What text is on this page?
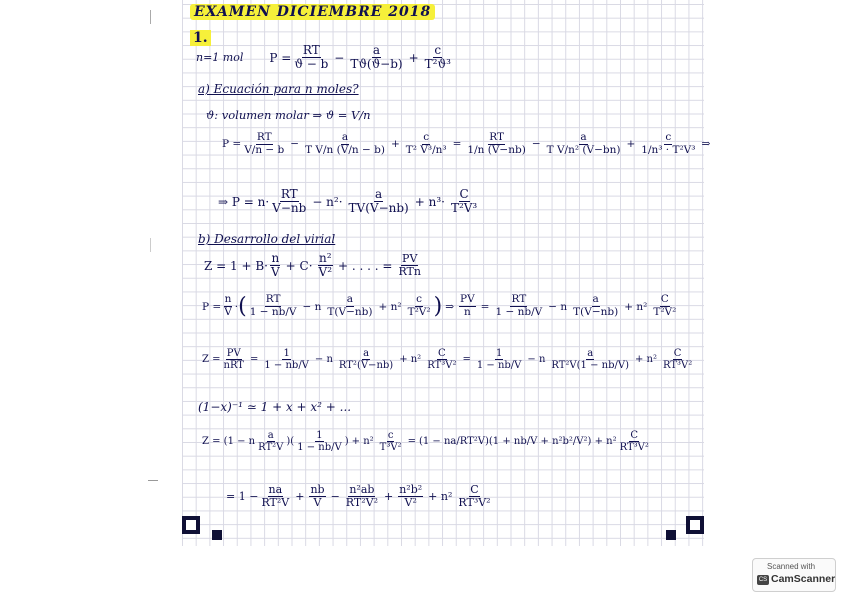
EXAMEN DICIEMBRE 2018
1.
n=1 mol $P = \frac{RT}{ϑ - b} - \frac{a}{Tϑ(ϑ-b)} + \frac{c}{\text{T²ϑ³}}$
a) Ecuación para n moles?
ϑ: volumen molar ⇒ ϑ = V/n
$P = \frac{RT}{V/n - b} - \frac{a}{\text{T V/n (V/n − b)}} + \frac{c}{\text{T² V³/n³}} = \frac{RT}{1/n (V-nb)} - \frac{a}{\text{T V/n² (V−bn)}} + \frac{c}{\text{1/n³ · T²V³}}$ ⇒
⇒ $P = n\cdot \frac{RT}{V-nb} - n^2\cdot \frac{a}{TV(V-nb)} + n^3\cdot \frac{C}{\text{T²V³}}$
b) Desarrollo del virial
$Z = 1 + B\cdot \frac{n}{V} + C\cdot \frac{\text{n²}}{\text{V²}}$ + . . . . = $\frac{PV}{\text{RTn}}$
$P = \frac{n}{V}$ · ( $\frac{RT}{1 - nb/V} - n \frac{a}{T(V-nb)} + n^2 \frac{c}{\text{T²V²}}$ ) ⇒ $\frac{PV}{n} = \frac{RT}{1 - nb/V} - n \frac{a}{T(V-nb)} + n^2 \frac{C}{\text{T²V²}}$
$Z = \frac{PV}{\text{nRT}} = \frac{1}{1 - nb/V} - n \frac{a}{\text{RT²(V−nb)}} + n^2 \frac{C}{\text{RT³V²}} = \frac{1}{1 - nb/V} - n \frac{a}{\text{RT²V(1 − nb/V)}} + n^2 \frac{C}{\text{RT³V²}}$
(1−x)⁻¹ ≃ 1 + x + x² + ...
Z = (1 − n $\frac{a}{\text{RT²V}}$ )( $\frac{1}{1 - nb/V}$ ) + $n^2 \frac{c}{\text{T³V²}} = (1 - na/RT^2V)(1 + nb/V + n^2b^2/V^2) + n^2 \frac{C}{\text{RT³V²}}$
= $1 - \frac{na}{\text{RT²V}} + \frac{nb}{V} - \frac{\text{n²ab}}{\text{RT²V²}} + \frac{\text{n²b²}}{\text{V²}} + n^2 \frac{C}{\text{RT³V²}}$
Scanned with
CS CamScanner
